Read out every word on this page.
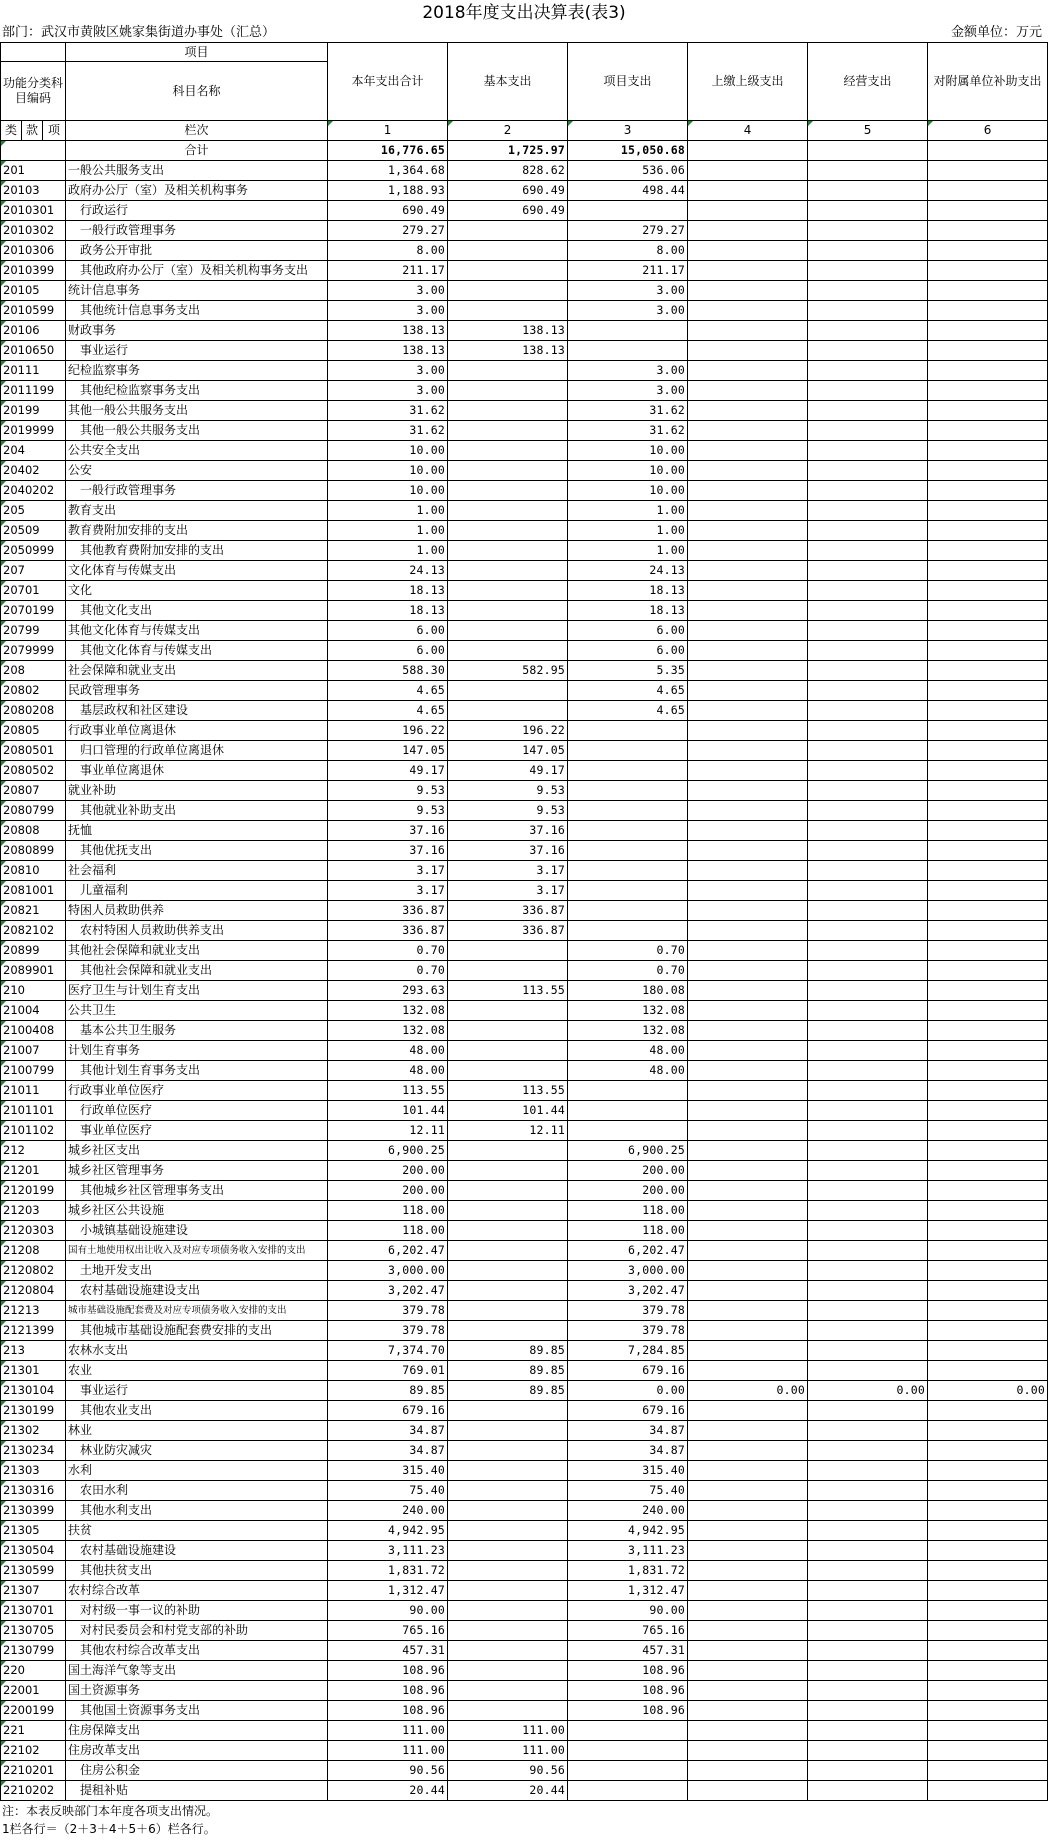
2018年度支出决算表(表3)
部门：武汉市黄陂区姚家集街道办事处（汇总）	金额单位：万元
			项目	本年支出合计	基本支出	项目支出	上缴上级支出	经营支出	对附属单位补助支出
功能分类科目编码			科目名称						
类	款	项		1	2	3	4	5	6
			栏次						
			合计	16,776.65	1,725.97	15,050.68			
201			一般公共服务支出	1,364.68	828.62	536.06			
20103			政府办公厅（室）及相关机构事务	1,188.93	690.49	498.44			
2010301			行政运行	690.49	690.49				
2010302			一般行政管理事务	279.27		279.27			
2010306			政务公开审批	8.00		8.00			
2010399			其他政府办公厅（室）及相关机构事务支出	211.17		211.17			
20105			统计信息事务	3.00		3.00			
2010599			其他统计信息事务支出	3.00		3.00			
20106			财政事务	138.13	138.13				
2010650			事业运行	138.13	138.13				
20111			纪检监察事务	3.00		3.00			
2011199			其他纪检监察事务支出	3.00		3.00			
20199			其他一般公共服务支出	31.62		31.62			
2019999			其他一般公共服务支出	31.62		31.62			
204			公共安全支出	10.00		10.00			
20402			公安	10.00		10.00			
2040202			一般行政管理事务	10.00		10.00			
205			教育支出	1.00		1.00			
20509			教育费附加安排的支出	1.00		1.00			
2050999			其他教育费附加安排的支出	1.00		1.00			
207			文化体育与传媒支出	24.13		24.13			
20701			文化	18.13		18.13			
2070199			其他文化支出	18.13		18.13			
20799			其他文化体育与传媒支出	6.00		6.00			
2079999			其他文化体育与传媒支出	6.00		6.00			
208			社会保障和就业支出	588.30	582.95	5.35			
20802			民政管理事务	4.65		4.65			
2080208			基层政权和社区建设	4.65		4.65			
20805			行政事业单位离退休	196.22	196.22				
2080501			归口管理的行政单位离退休	147.05	147.05				
2080502			事业单位离退休	49.17	49.17				
20807			就业补助	9.53	9.53				
2080799			其他就业补助支出	9.53	9.53				
20808			抚恤	37.16	37.16				
2080899			其他优抚支出	37.16	37.16				
20810			社会福利	3.17	3.17				
2081001			儿童福利	3.17	3.17				
20821			特困人员救助供养	336.87	336.87				
2082102			农村特困人员救助供养支出	336.87	336.87				
20899			其他社会保障和就业支出	0.70		0.70			
2089901			其他社会保障和就业支出	0.70		0.70			
210			医疗卫生与计划生育支出	293.63	113.55	180.08			
21004			公共卫生	132.08		132.08			
2100408			基本公共卫生服务	132.08		132.08			
21007			计划生育事务	48.00		48.00			
2100799			其他计划生育事务支出	48.00		48.00			
21011			行政事业单位医疗	113.55	113.55				
2101101			行政单位医疗	101.44	101.44				
2101102			事业单位医疗	12.11	12.11				
212			城乡社区支出	6,900.25		6,900.25			
21201			城乡社区管理事务	200.00		200.00			
2120199			其他城乡社区管理事务支出	200.00		200.00			
21203			城乡社区公共设施	118.00		118.00			
2120303			小城镇基础设施建设	118.00		118.00			
21208			国有土地使用权出让收入及对应专项债务收入安排的支出	6,202.47		6,202.47			
2120802			土地开发支出	3,000.00		3,000.00			
2120804			农村基础设施建设支出	3,202.47		3,202.47			
21213			城市基础设施配套费及对应专项债务收入安排的支出	379.78		379.78			
2121399			其他城市基础设施配套费安排的支出	379.78		379.78			
213			农林水支出	7,374.70	89.85	7,284.85			
21301			农业	769.01	89.85	679.16			
2130104			事业运行	89.85	89.85	0.00	0.00	0.00	0.00
2130199			其他农业支出	679.16		679.16			
21302			林业	34.87		34.87			
2130234			林业防灾减灾	34.87		34.87			
21303			水利	315.40		315.40			
2130316			农田水利	75.40		75.40			
2130399			其他水利支出	240.00		240.00			
21305			扶贫	4,942.95		4,942.95			
2130504			农村基础设施建设	3,111.23		3,111.23			
2130599			其他扶贫支出	1,831.72		1,831.72			
21307			农村综合改革	1,312.47		1,312.47			
2130701			对村级一事一议的补助	90.00		90.00			
2130705			对村民委员会和村党支部的补助	765.16		765.16			
2130799			其他农村综合改革支出	457.31		457.31			
220			国土海洋气象等支出	108.96		108.96			
22001			国土资源事务	108.96		108.96			
2200199			其他国土资源事务支出	108.96		108.96			
221			住房保障支出	111.00	111.00				
22102			住房改革支出	111.00	111.00				
2210201			住房公积金	90.56	90.56				
2210202			提租补贴	20.44	20.44				
注：本表反映部门本年度各项支出情况。
1栏各行＝（2＋3＋4＋5＋6）栏各行。
